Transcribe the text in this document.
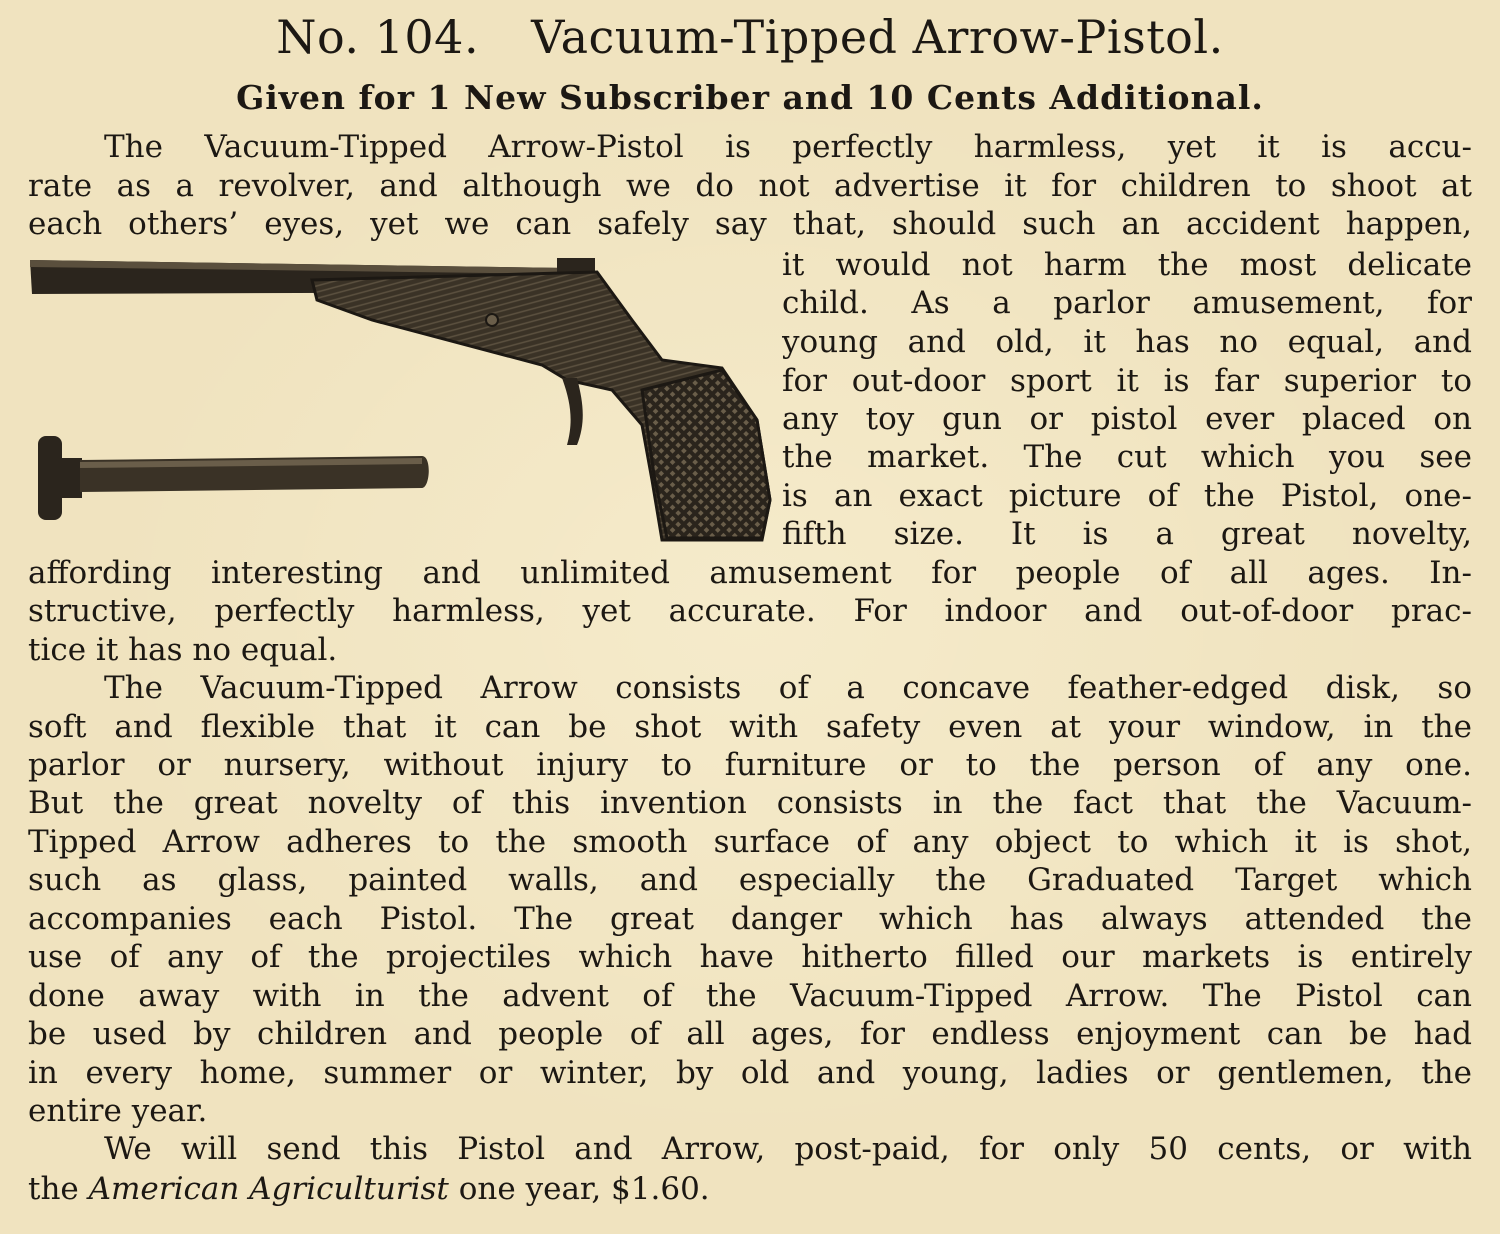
No. 104. Vacuum-Tipped Arrow-Pistol.
Given for 1 New Subscriber and 10 Cents Additional.
The Vacuum-Tipped Arrow-Pistol is perfectly harmless, yet it is accu-
rate as a revolver, and although we do not advertise it for children to shoot at
each others’ eyes, yet we can safely say that, should such an accident happen,
it would not harm the most delicate
child. As a parlor amusement, for
young and old, it has no equal, and
for out-door sport it is far superior to
any toy gun or pistol ever placed on
the market. The cut which you see
is an exact picture of the Pistol, one-
fifth size. It is a great novelty,
affording interesting and unlimited amusement for people of all ages. In-
structive, perfectly harmless, yet accurate. For indoor and out-of-door prac-
tice it has no equal.
The Vacuum-Tipped Arrow consists of a concave feather-edged disk, so
soft and flexible that it can be shot with safety even at your window, in the
parlor or nursery, without injury to furniture or to the person of any one.
But the great novelty of this invention consists in the fact that the Vacuum-
Tipped Arrow adheres to the smooth surface of any object to which it is shot,
such as glass, painted walls, and especially the Graduated Target which
accompanies each Pistol. The great danger which has always attended the
use of any of the projectiles which have hitherto filled our markets is entirely
done away with in the advent of the Vacuum-Tipped Arrow. The Pistol can
be used by children and people of all ages, for endless enjoyment can be had
in every home, summer or winter, by old and young, ladies or gentlemen, the
entire year.
We will send this Pistol and Arrow, post-paid, for only 50 cents, or with
the American Agriculturist one year, $1.60.
